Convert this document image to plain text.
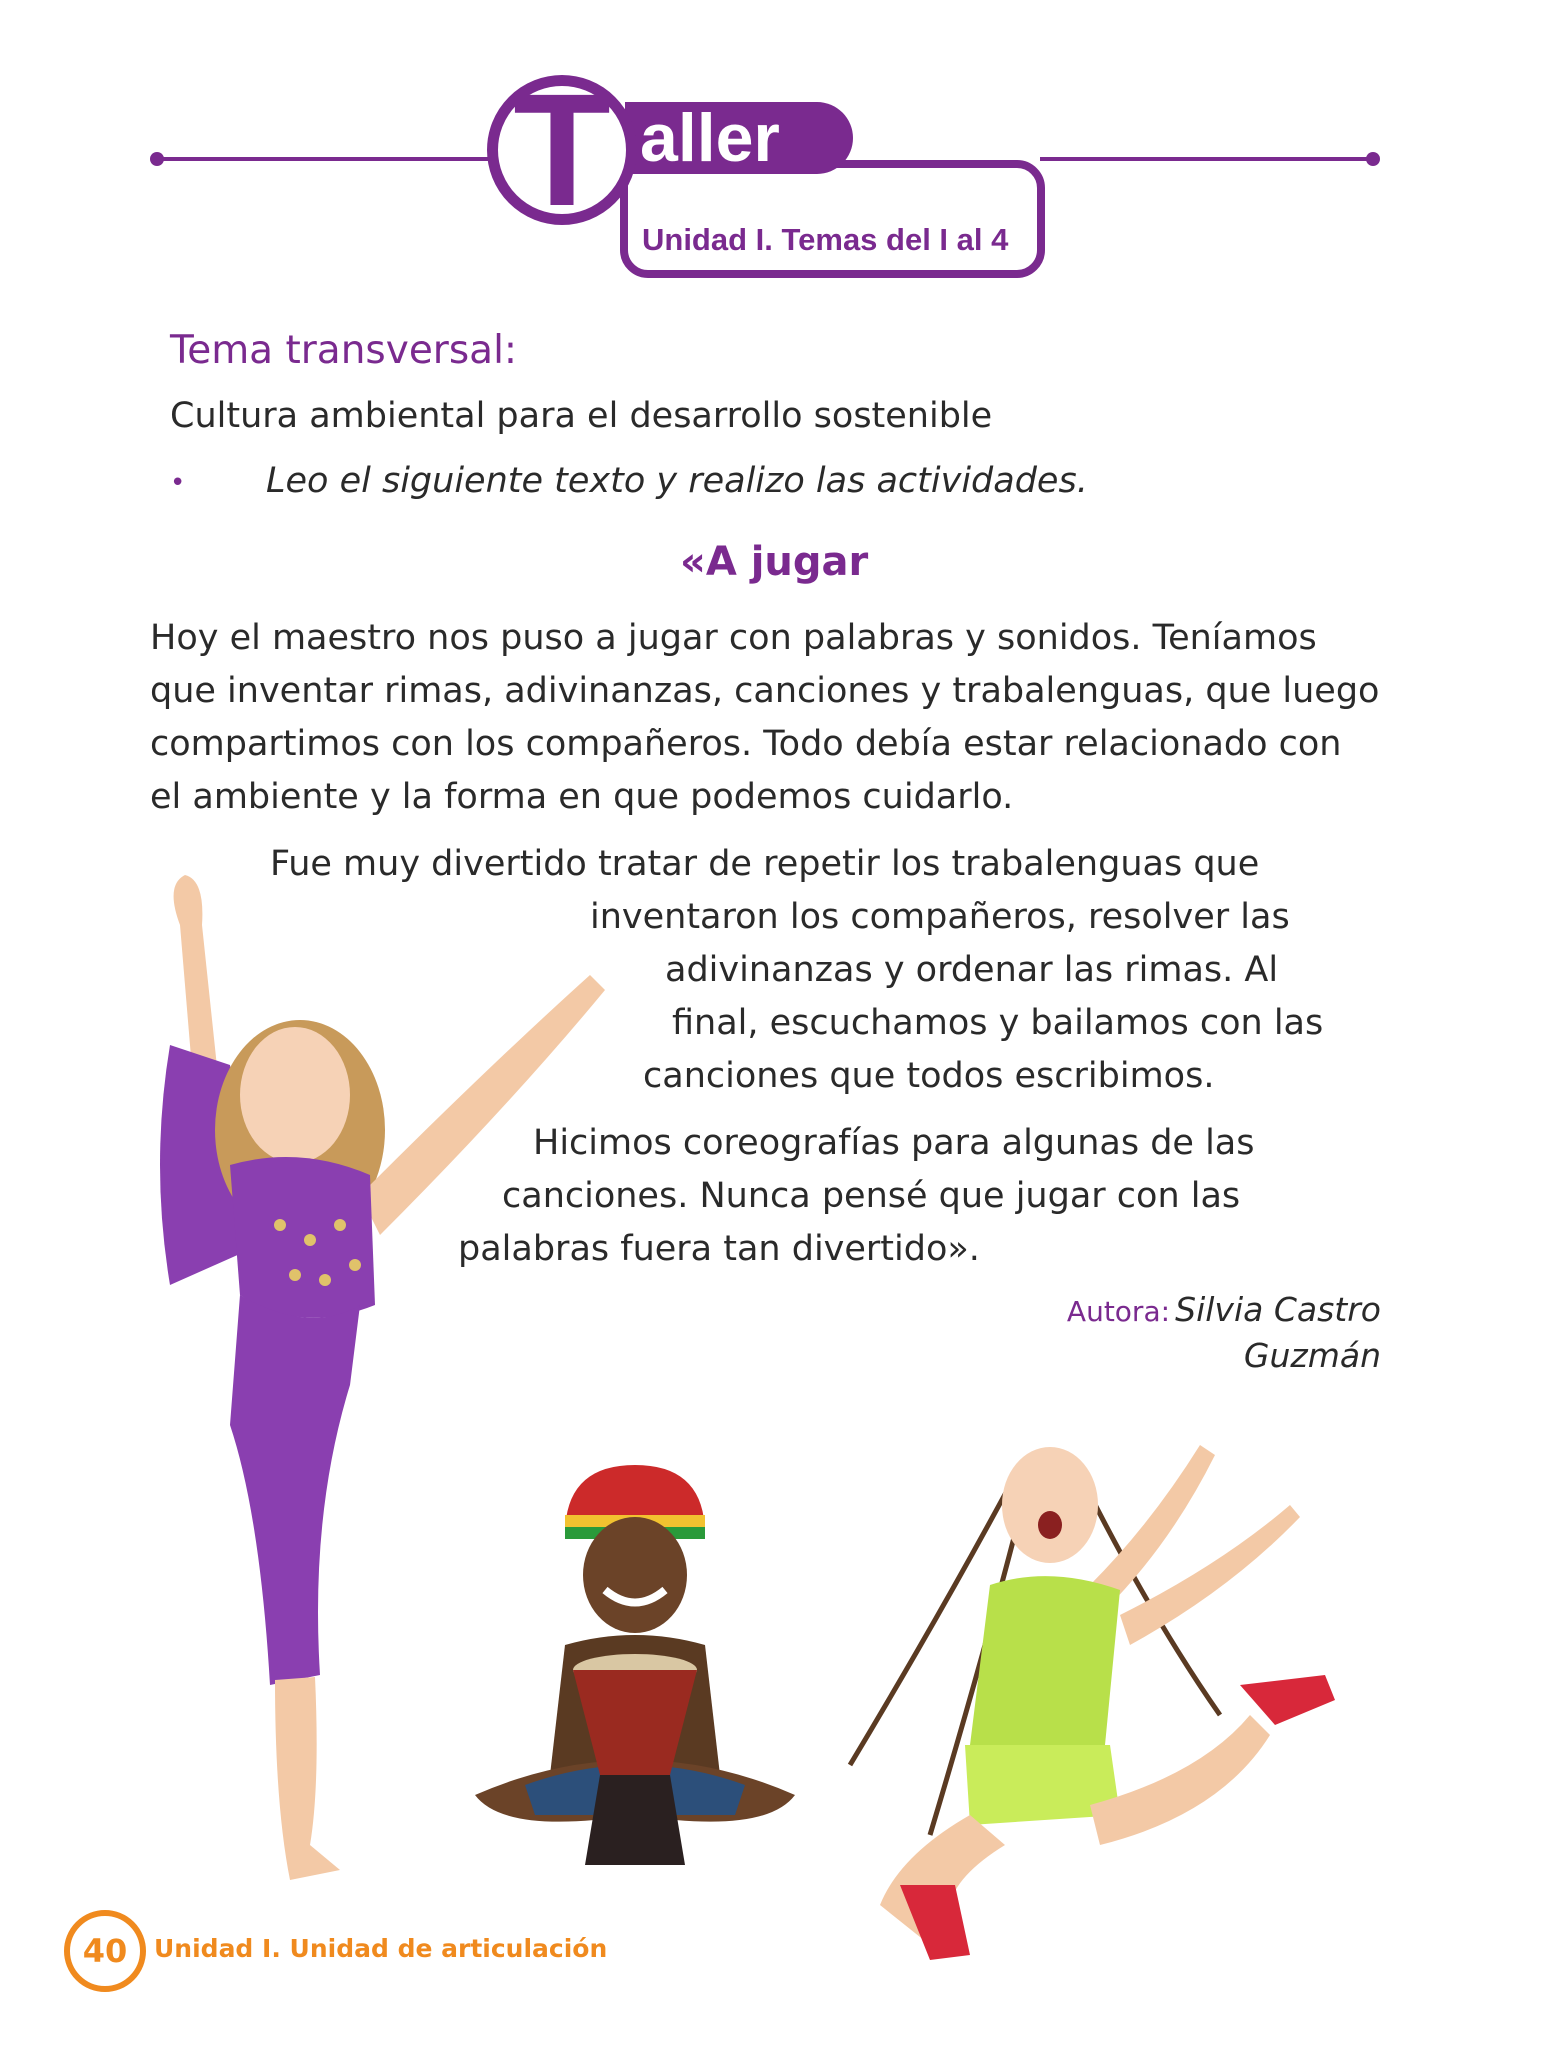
Unidad I. Temas del I al 4
aller
T
Tema transversal:
Cultura ambiental para el desarrollo sostenible
• Leo el siguiente texto y realizo las actividades.
«A jugar
Hoy el maestro nos puso a jugar con palabras y sonidos. Teníamos
que inventar rimas, adivinanzas, canciones y trabalenguas, que luego
compartimos con los compañeros. Todo debía estar relacionado con
el ambiente y la forma en que podemos cuidarlo.
Fue muy divertido tratar de repetir los trabalenguas que
inventaron los compañeros, resolver las
adivinanzas y ordenar las rimas. Al
final, escuchamos y bailamos con las
canciones que todos escribimos.
Hicimos coreografías para algunas de las
canciones. Nunca pensé que jugar con las
palabras fuera tan divertido».
Autora: Silvia Castro
Guzmán
40	Unidad I. Unidad de articulación
